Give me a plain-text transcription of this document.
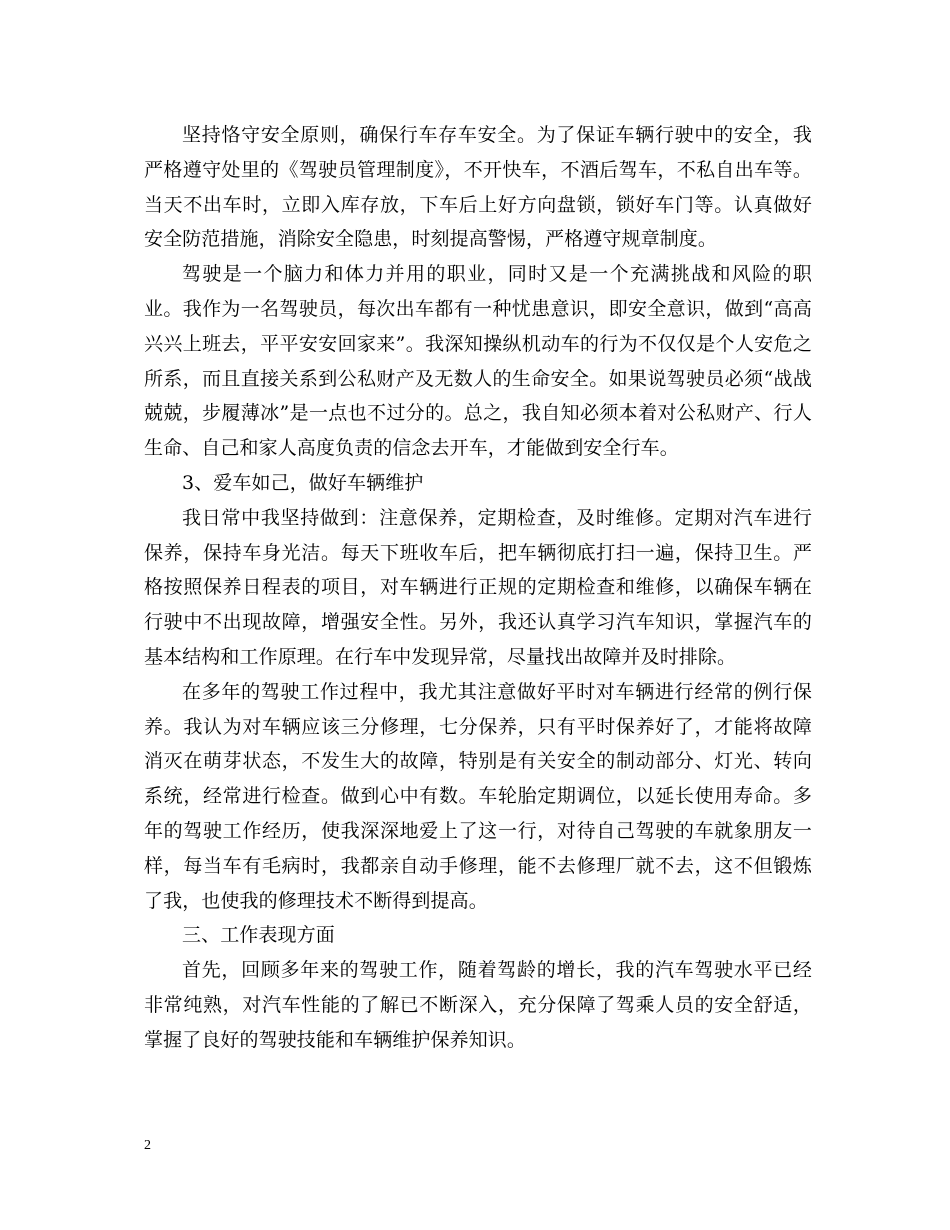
坚持恪守安全原则，确保行车存车安全。为了保证车辆行驶中的安全，我严格遵守处里的《驾驶员管理制度》，不开快车，不酒后驾车，不私自出车等。当天不出车时，立即入库存放，下车后上好方向盘锁，锁好车门等。认真做好安全防范措施，消除安全隐患，时刻提高警惕，严格遵守规章制度。

驾驶是一个脑力和体力并用的职业，同时又是一个充满挑战和风险的职业。我作为一名驾驶员，每次出车都有一种忧患意识，即安全意识，做到“高高兴兴上班去，平平安安回家来”。我深知操纵机动车的行为不仅仅是个人安危之所系，而且直接关系到公私财产及无数人的生命安全。如果说驾驶员必须“战战兢兢，步履薄冰”是一点也不过分的。总之，我自知必须本着对公私财产、行人生命、自己和家人高度负责的信念去开车，才能做到安全行车。

3、爱车如己，做好车辆维护

我日常中我坚持做到：注意保养，定期检查，及时维修。定期对汽车进行保养，保持车身光洁。每天下班收车后，把车辆彻底打扫一遍，保持卫生。严格按照保养日程表的项目，对车辆进行正规的定期检查和维修，以确保车辆在行驶中不出现故障，增强安全性。另外，我还认真学习汽车知识，掌握汽车的基本结构和工作原理。在行车中发现异常，尽量找出故障并及时排除。

在多年的驾驶工作过程中，我尤其注意做好平时对车辆进行经常的例行保养。我认为对车辆应该三分修理，七分保养，只有平时保养好了，才能将故障消灭在萌芽状态，不发生大的故障，特别是有关安全的制动部分、灯光、转向系统，经常进行检查。做到心中有数。车轮胎定期调位，以延长使用寿命。多年的驾驶工作经历，使我深深地爱上了这一行，对待自己驾驶的车就象朋友一样，每当车有毛病时，我都亲自动手修理，能不去修理厂就不去，这不但锻炼了我，也使我的修理技术不断得到提高。

三、工作表现方面

首先，回顾多年来的驾驶工作，随着驾龄的增长，我的汽车驾驶水平已经非常纯熟，对汽车性能的了解已不断深入，充分保障了驾乘人员的安全舒适，掌握了良好的驾驶技能和车辆维护保养知识。

2
